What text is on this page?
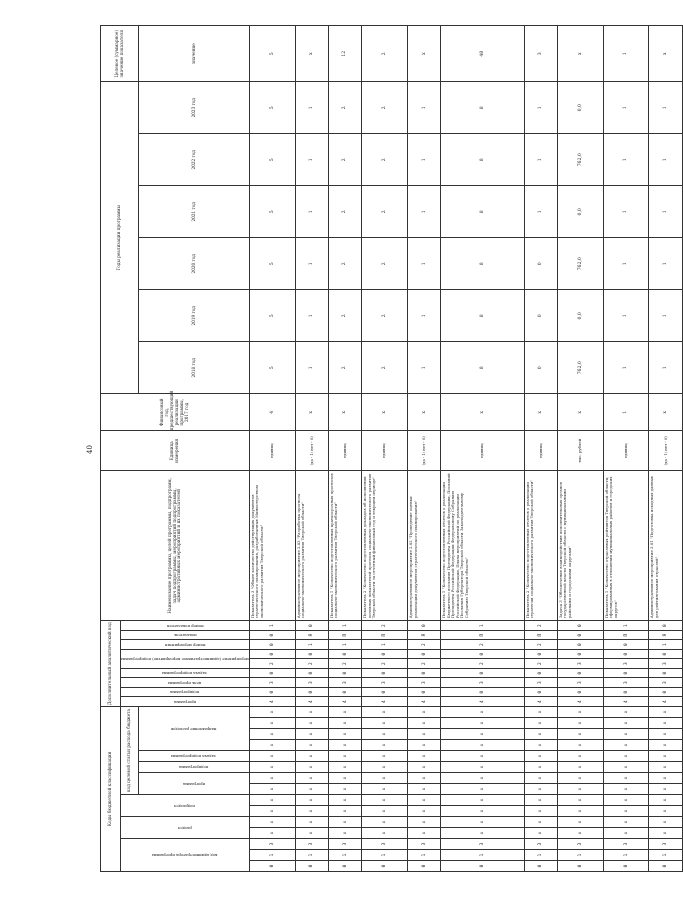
40
Коды бюджетной классификации															Дополнительный аналитический код									Наименование программы, целей программы, подпрограмм, задач подпрограммы, мероприятий подпрограммы, административных мероприятий и их показателей	Единица измерения	Финансовый год, предшествующий реализации программы, 2017 год	Годы реализации программы						Целевое (суммарное) значение показателя

код администратора программы			раздел		подраздел		код целевой статьи расхода бюджета								программа	подпрограмма	цель программы	задача подпрограммы	мероприятие (административное мероприятие) подпрограммы		номер мероприятия	показатель	номер показателя										

							программа		подпрограмма	задача подпрограммы	направление расходов																2018 год	2019 год	2020 год	2021 год	2022 год	2023 год	значение

0	1	3	x	x	x	x	x	x	x	x	x	x	x	x	4	0	3	0	2	0	0	0	1	Показатель 3 "Общее количество действующих документов стратегического планирования, разработанных Министерством экономического развития Тверской области"	единиц	4	5	5	5	5	5	5	5
0	1	3	x	x	x	x	x	x	x	x	x	x	x	x	4	0	3	0	2	0	1	Я	0	Административное мероприятие 2.03 "Разработка прогноза социально-экономического развития Тверской области"	(да - 1/ нет - 0)	x	1	1	1	1	1	1	x
0	1	3	x	x	x	x	x	x	x	x	x	x	x	x	4	0	3	0	2	0	1	П	1	Показатель 1 "Количество подготовленных краткосрочных прогнозов социально-экономического развития Тверской области"	единиц	x	2	2	2	2	2	2	12
0	1	3	x	x	x	x	x	x	x	x	x	x	x	x	4	0	3	0	2	0	1	П	2	Показатель 2 "Количество подготовленных докладов об исполнении основных показателей прогноза социально-экономического развития Тверской области за отчетный финансовый год и текущем периоде"	единиц	x	2	2	2	2	2	2	2
0	1	3	x	x	x	x	x	x	x	x	x	x	x	x	4	0	3	0	2	0	2	Я	0	Административное мероприятие 2.02 "Проведение оценки реализации документов стратегического планирования"	(да - 1/ нет - 0)	x	1	1	1	1	1	1	x
0	1	3	x	x	x	x	x	x	x	x	x	x	x	x	4	0	3	0	2	0	2	П	1	Показатель 1 "Количество подготовленных отчетов о реализации Бюджетного послания Президента Российской Федерации, Посланий Президента Российской Федерации Федеральному Собранию Российской Федерации, Плана мероприятий по реализации Послания Губернатора Тверской области Законодательному Собранию Тверской области"	единиц	x	8	8	8	8	8	8	48
0	1	3	x	x	x	x	x	x	x	x	x	x	x	x	4	0	3	0	2	0	2	П	2	Показатель 2 "Количество подготовленных отчетов о реализации стратегии социально-экономического развития Тверской области"	единиц	x	0	0	0	1	1	1	3
0	1	3	x	x	x	x	x	x	x	x	x	x	x	x	4	0	3	0	3	0	0	0	0	Задача 3 "Обеспечение взаимодействия исполнительных органов государственной власти Тверской области с муниципальными районами и городскими округами"	тыс. рублей	x	762,0	0,0	762,0	0,0	762,0	0,0	x
0	1	3	x	x	x	x	x	x	x	x	x	x	x	x	4	0	3	0	3	0	0	П	1	Показатель 1 "Количество отраслевых рейтингов Тверской области, сформированных в отношении муниципальных районов и городских округов"	единиц	1	1	1	1	1	1	1	1
0	1	3	x	x	x	x	x	x	x	x	x	x	x	x	4	0	3	0	3	0	1	Я	0	Административное мероприятие 3.01 "Подготовка исходных данных для рейтингования отраслей"	(да - 1/ нет - 0)	x	1	1	1	1	1	1	x
